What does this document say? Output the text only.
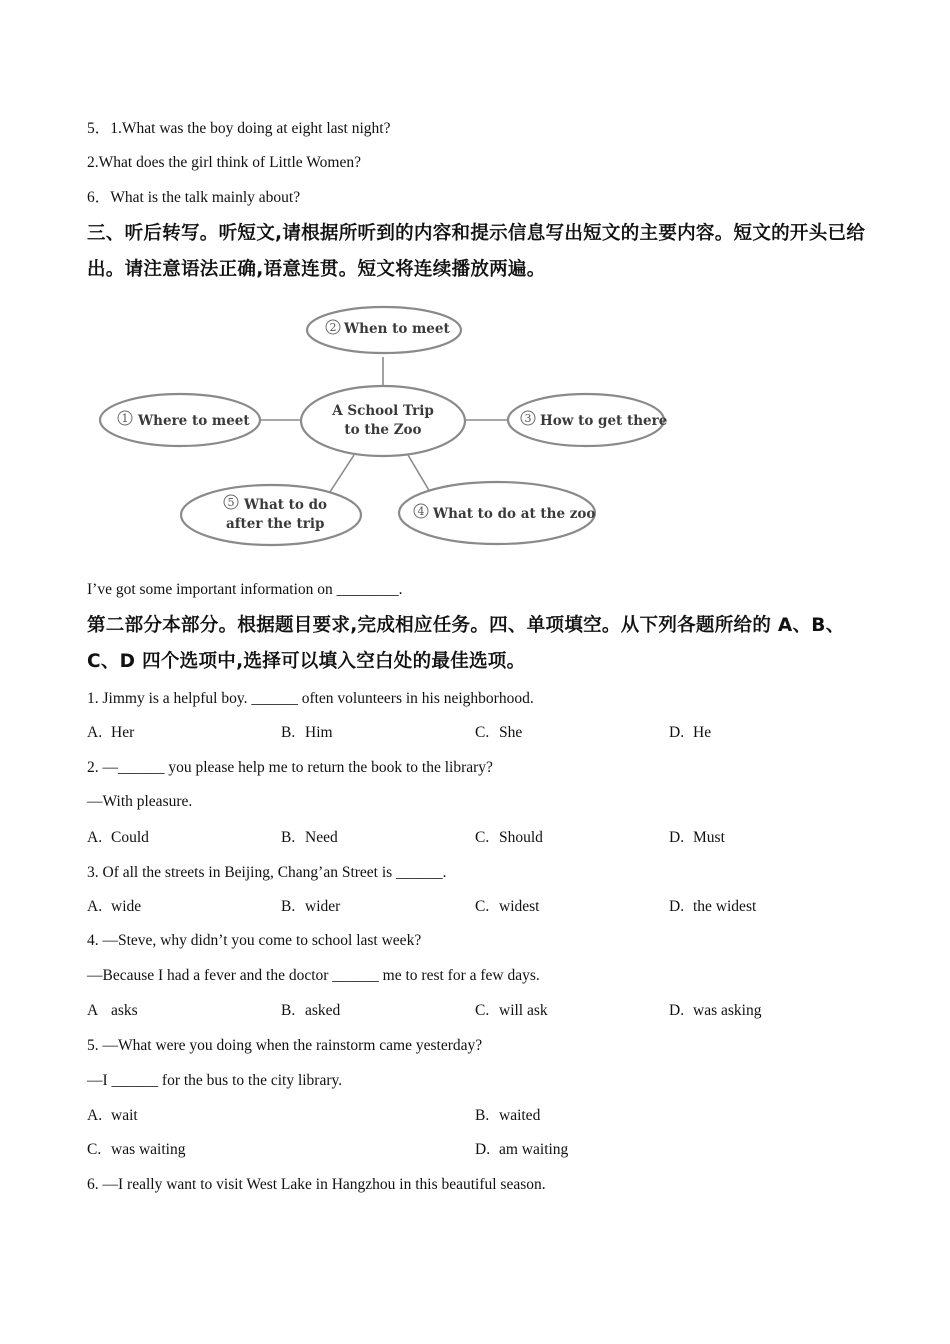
5．1.What was the boy doing at eight last night?
2.What does the girl think of Little Women?
6．What is the talk mainly about?
三、听后转写。听短文,请根据所听到的内容和提示信息写出短文的主要内容。短文的开头已给出。请注意语法正确,语意连贯。短文将连续播放两遍。
2 When to meet
A School Trip
to the Zoo
1 Where to meet	3 How to get there
5 What to do
after the trip
4 What to do at the zoo
I’ve got some important information on ________.
第二部分本部分。根据题目要求,完成相应任务。四、单项填空。从下列各题所给的 A、B、C、D 四个选项中,选择可以填入空白处的最佳选项。
1. Jimmy is a helpful boy. ______ often volunteers in his neighborhood.
A. Her	B. Him	C. She	D. He
2. —______ you please help me to return the book to the library?
—With pleasure.
A. Could	B. Need	C. Should	D. Must
3. Of all the streets in Beijing, Chang’an Street is ______.
A. wide	B. wider	C. widest	D. the widest
4. —Steve, why didn’t you come to school last week?
—Because I had a fever and the doctor ______ me to rest for a few days.
A asks	B. asked	C. will ask	D. was asking
5. —What were you doing when the rainstorm came yesterday?
—I ______ for the bus to the city library.
A. wait	B. waited
C. was waiting	D. am waiting
6. —I really want to visit West Lake in Hangzhou in this beautiful season.
